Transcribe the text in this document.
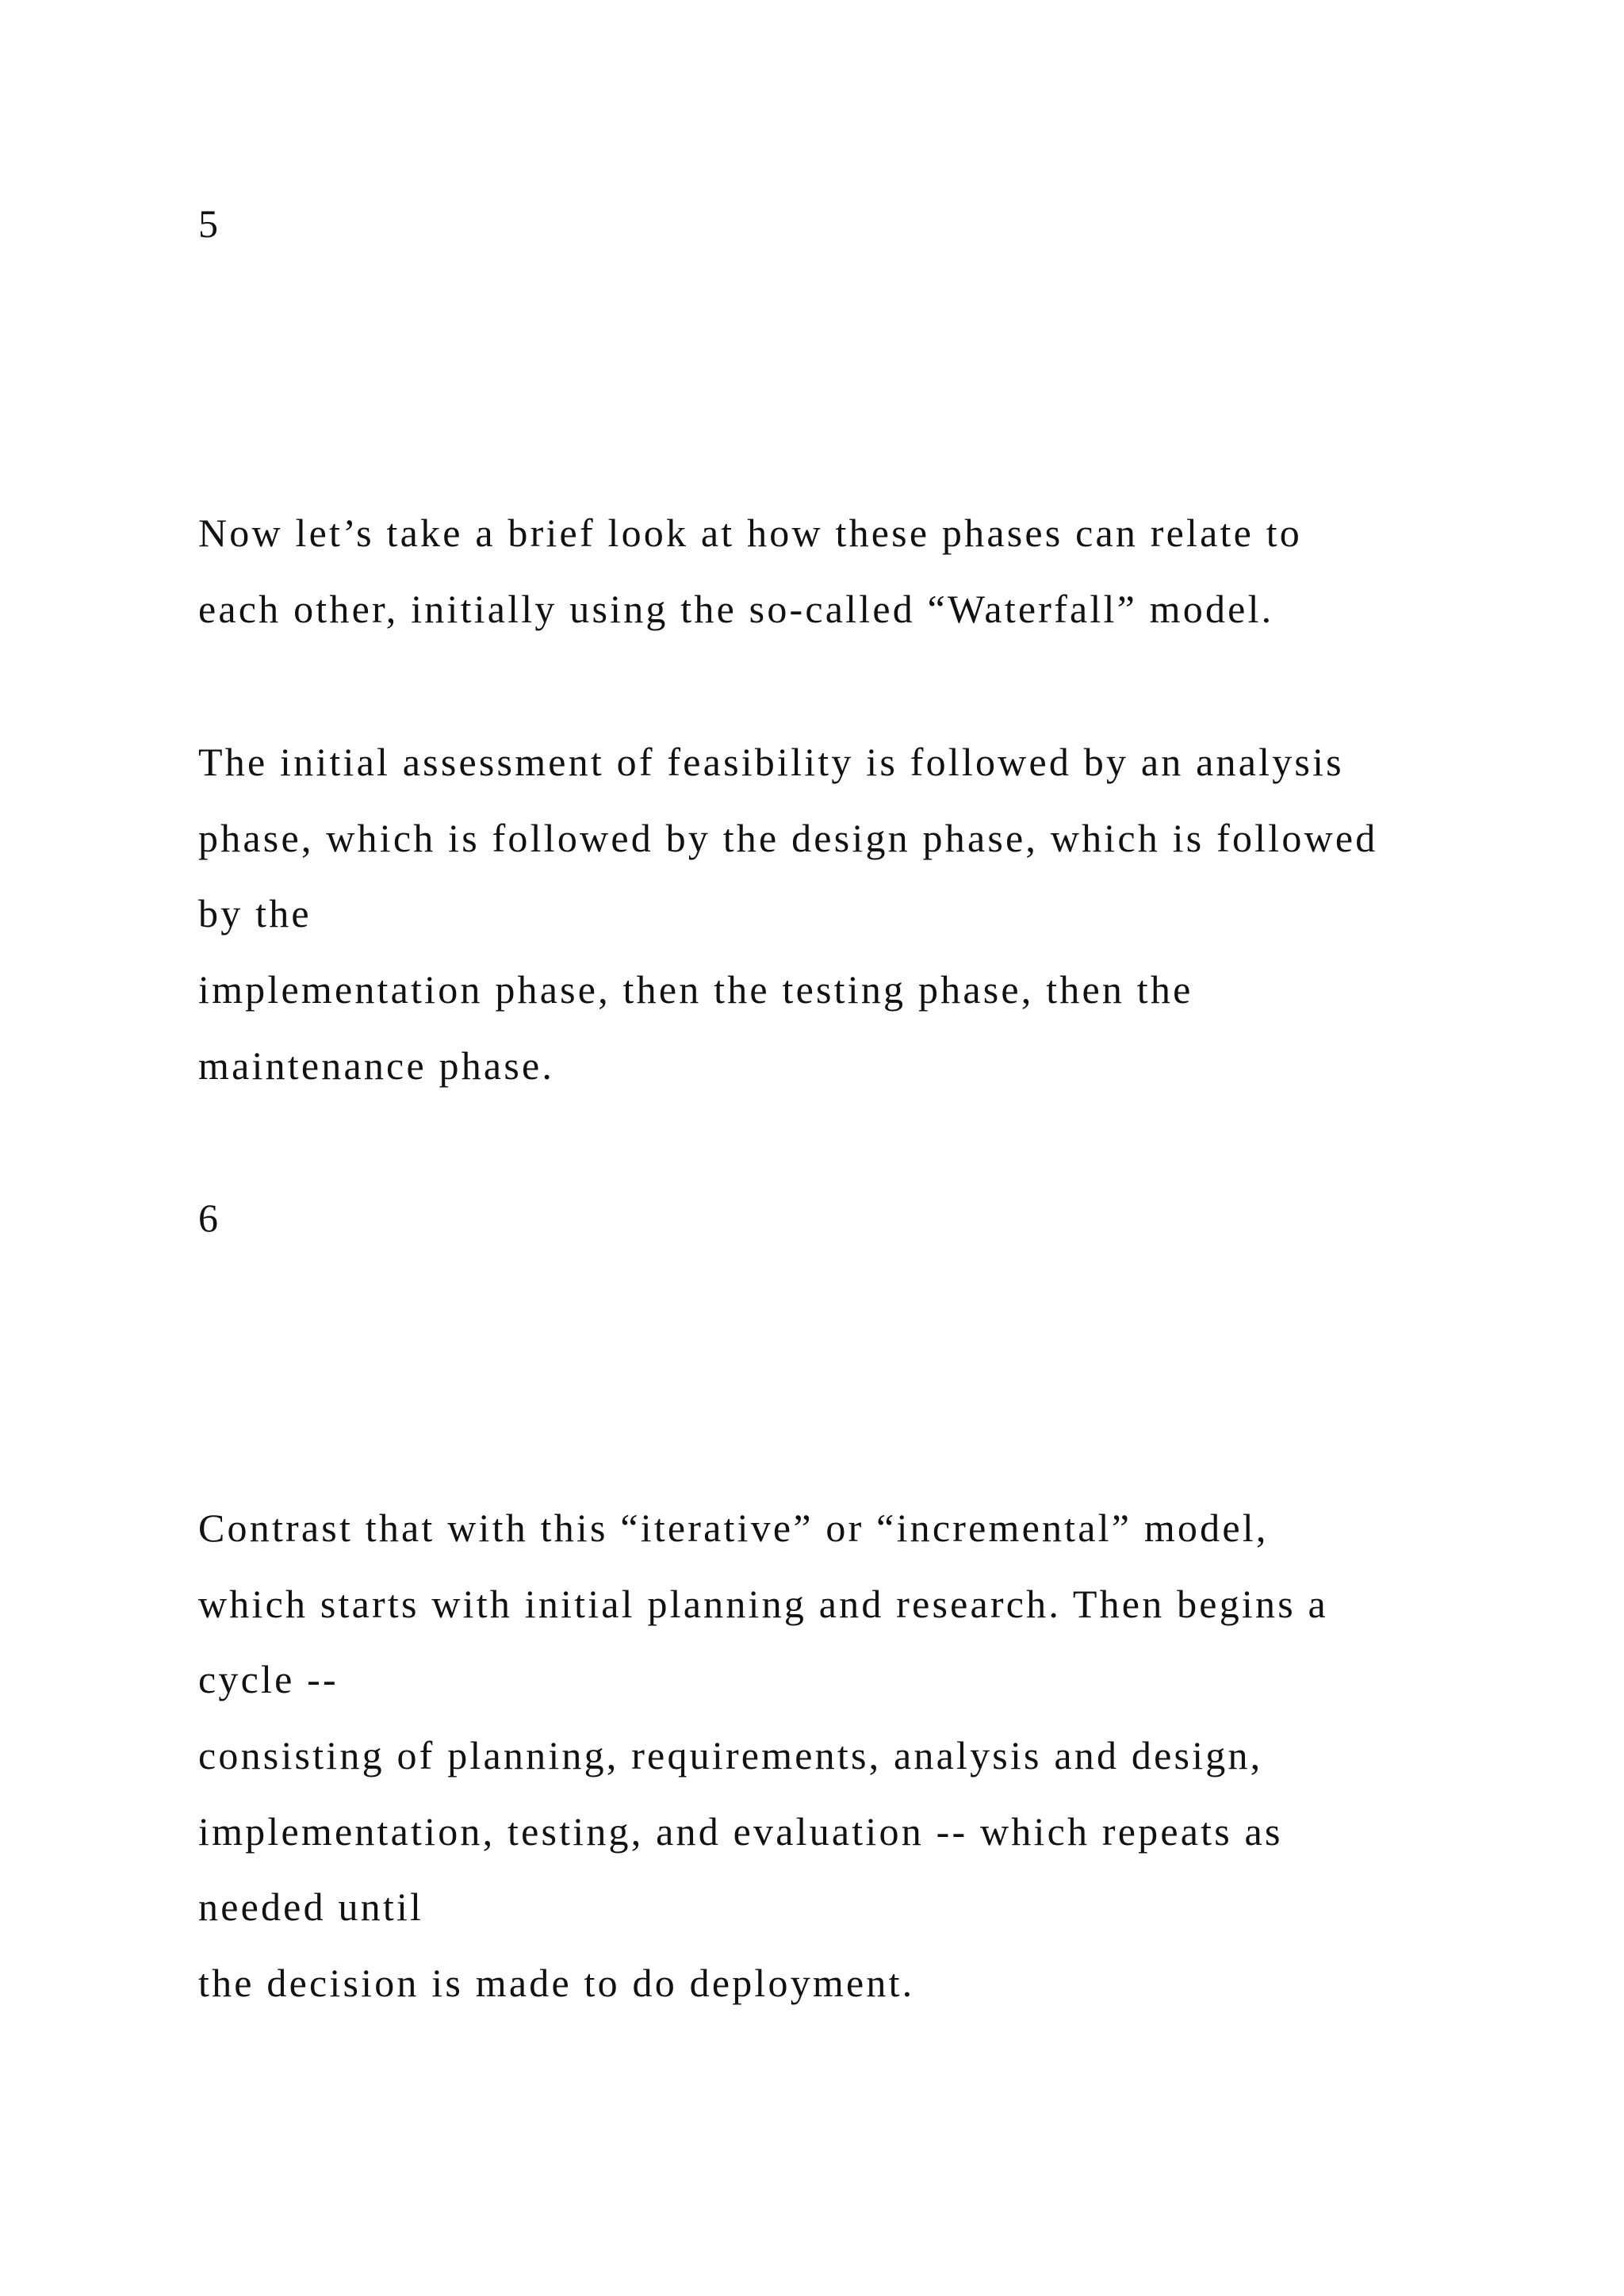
5

Now let’s take a brief look at how these phases can relate to

each other, initially using the so-called “Waterfall” model.

The initial assessment of feasibility is followed by an analysis

phase, which is followed by the design phase, which is followed

by the

implementation phase, then the testing phase, then the

maintenance phase.

6

Contrast that with this “iterative” or “incremental” model,

which starts with initial planning and research. Then begins a

cycle --

consisting of planning, requirements, analysis and design,

implementation, testing, and evaluation -- which repeats as

needed until

the decision is made to do deployment.
